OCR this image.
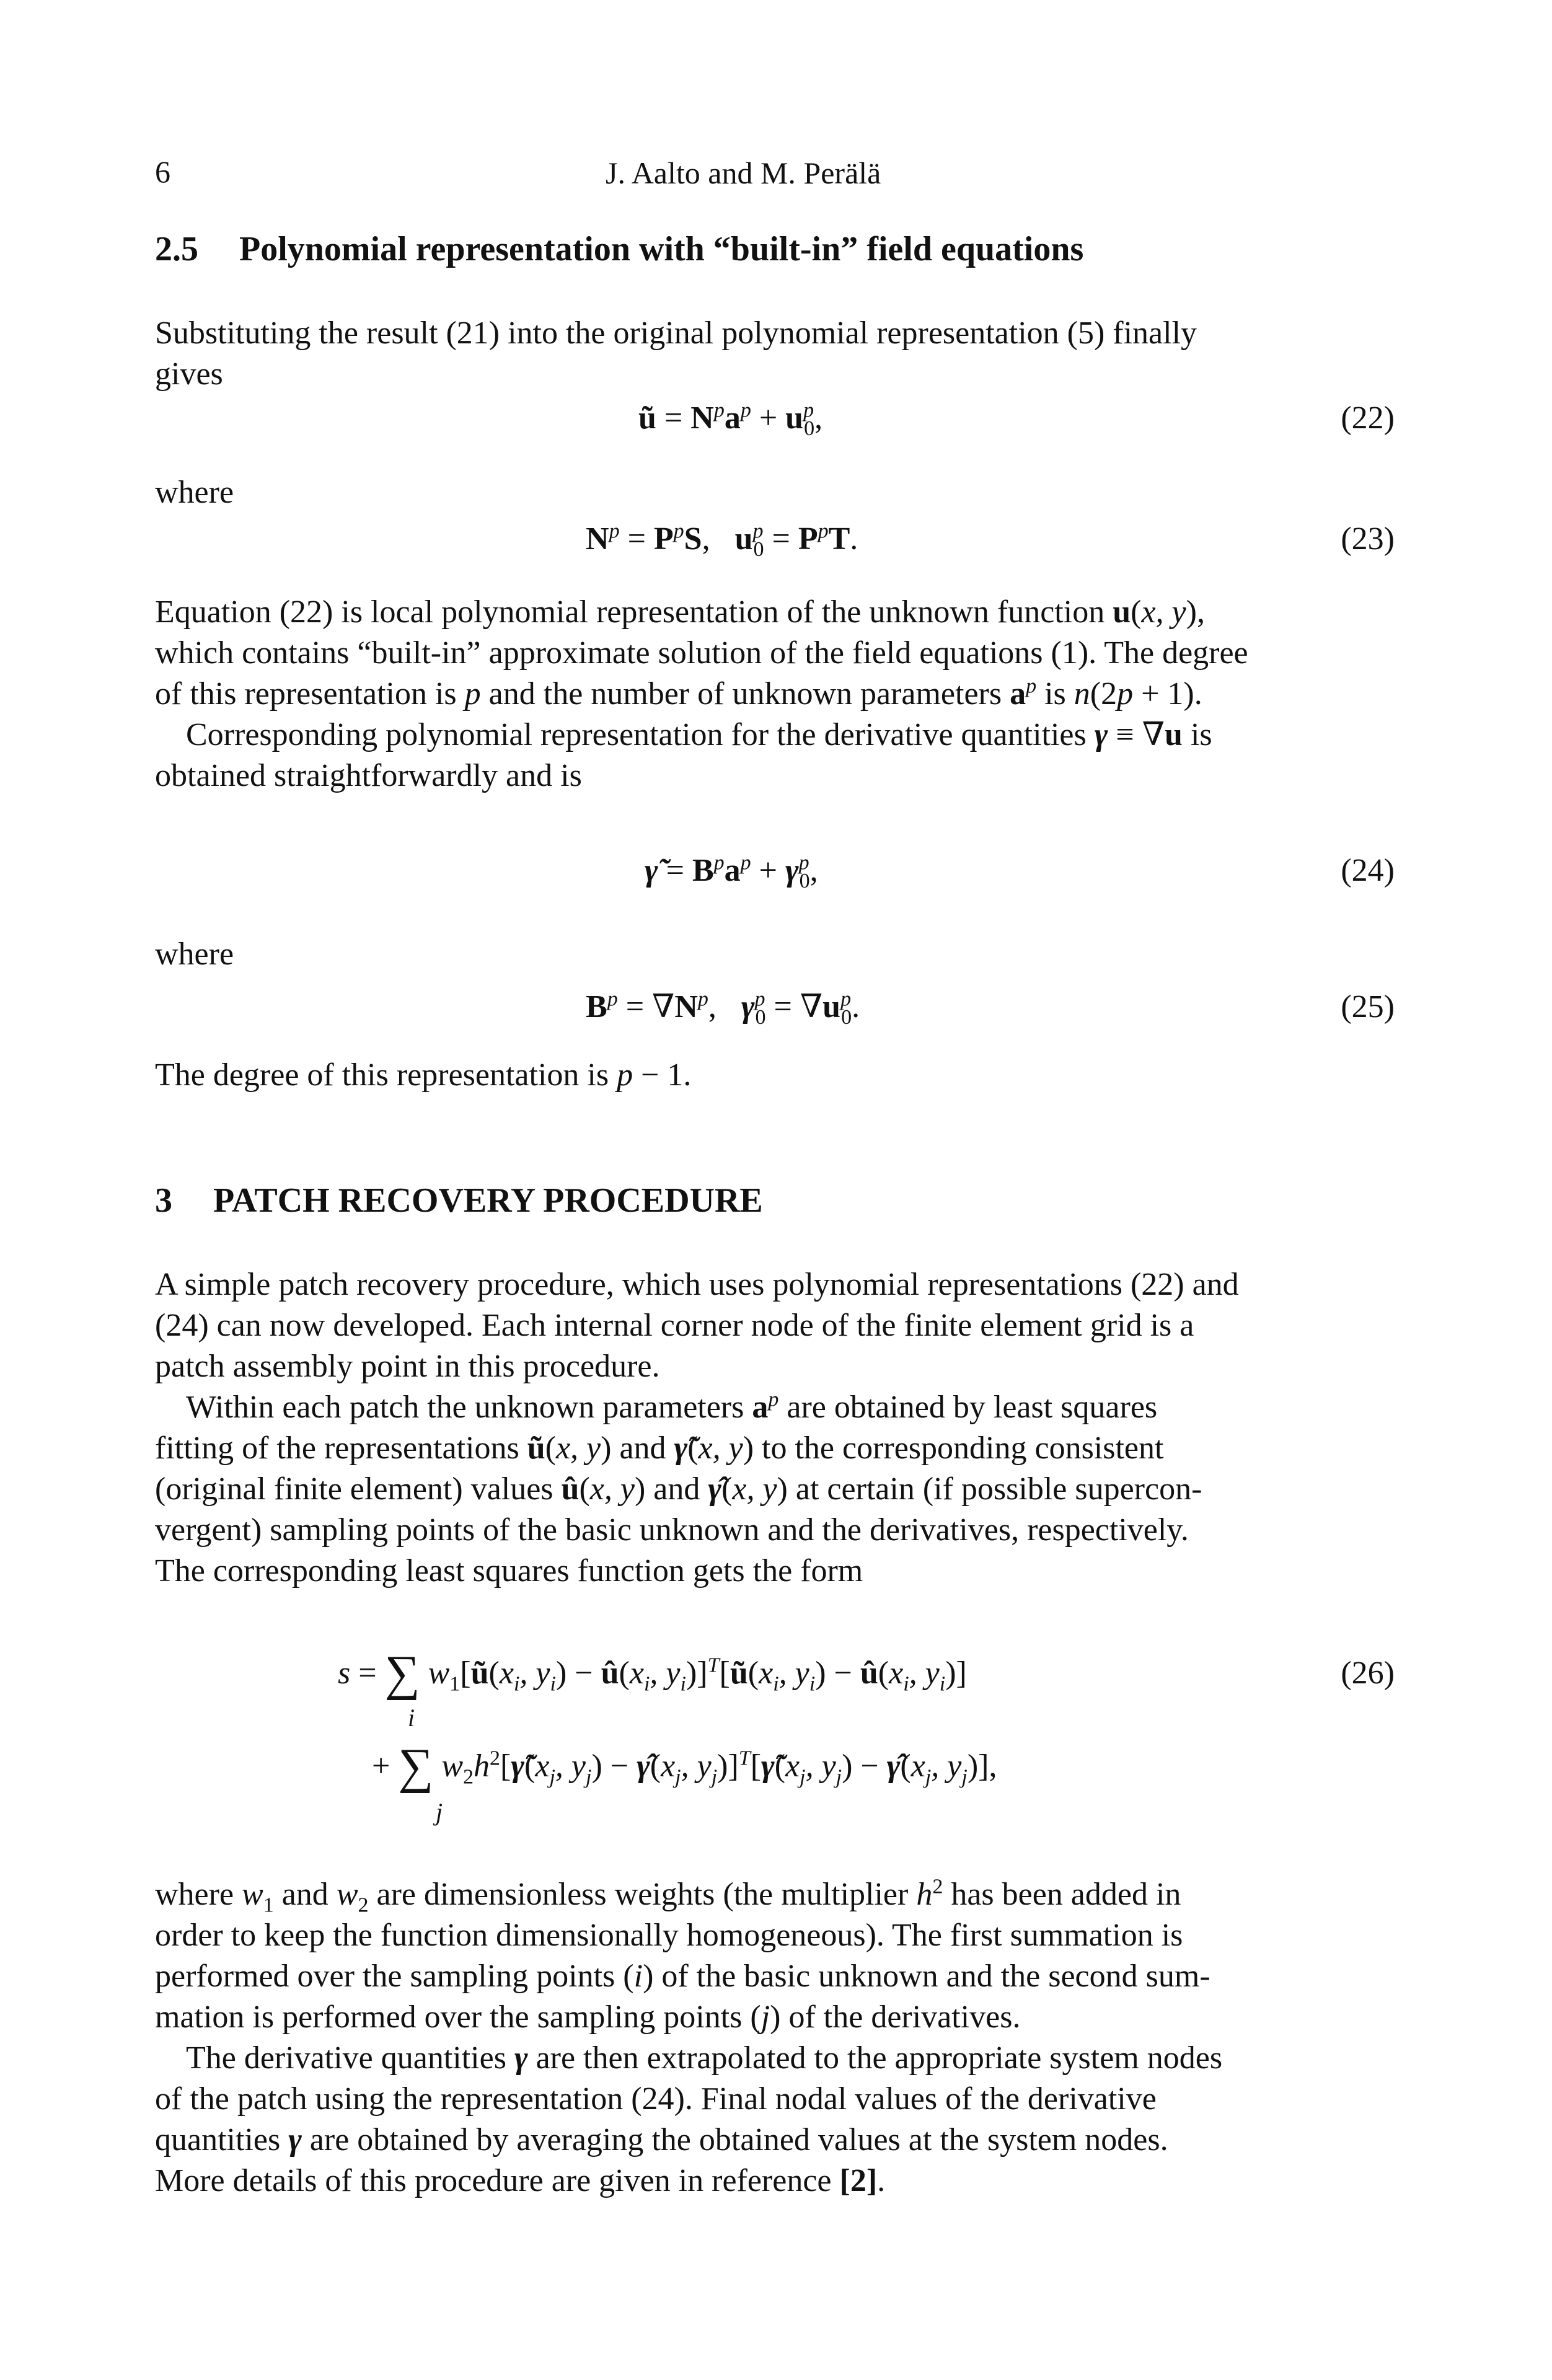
6	J. Aalto and M. Perälä
2.5 Polynomial representation with “built-in” field equations
Substituting the result (21) into the original polynomial representation (5) finally
gives
ũ = $N^pa^p + u^p_0$,	(22)
where
$N^p = P^pS$, $u^p_0 = P^pT$.	(23)
Equation (22) is local polynomial representation of the unknown function u(x, y),
which contains “built-in” approximate solution of the field equations (1). The degree
of this representation is p and the number of unknown parameters $a^p$ is n(2p + 1).
Corresponding polynomial representation for the derivative quantities γ ≡ ∇u is
obtained straightforwardly and is
γ̃ = $B^pa^p + \gamma^p_0$,	(24)
where
$B^p = \nabla N^p$, $\gamma^p_0 = \nabla u^p_0$.	(25)
The degree of this representation is p − 1.
3 PATCH RECOVERY PROCEDURE
A simple patch recovery procedure, which uses polynomial representations (22) and
(24) can now developed. Each internal corner node of the finite element grid is a
patch assembly point in this procedure.
Within each patch the unknown parameters $a^p$ are obtained by least squares
fitting of the representations ũ(x, y) and γ̃(x, y) to the corresponding consistent
(original finite element) values û(x, y) and γ̂(x, y) at certain (if possible supercon-
vergent) sampling points of the basic unknown and the derivatives, respectively.
The corresponding least squares function gets the form
s = ∑ $w_1[ũ(x_i$, $y_i$) − $û(x_i$, $y_i)]^T[ũ(x_i$, $y_i$) − $û(x_i$, $y_i$)]
i
(26)
+ ∑ $w_2h^2[\gammã(x_j$, $y_j$) − $\gammâ(x_j$, $y_j)]^T[\gammã(x_j$, $y_j$) − $\gammâ(x_j$, $y_j$)],
j
where $w_1$ and $w_2$ are dimensionless weights (the multiplier $h^2$ has been added in
order to keep the function dimensionally homogeneous). The first summation is
performed over the sampling points (i) of the basic unknown and the second sum-
mation is performed over the sampling points (j) of the derivatives.
The derivative quantities γ are then extrapolated to the appropriate system nodes
of the patch using the representation (24). Final nodal values of the derivative
quantities γ are obtained by averaging the obtained values at the system nodes.
More details of this procedure are given in reference [2].
